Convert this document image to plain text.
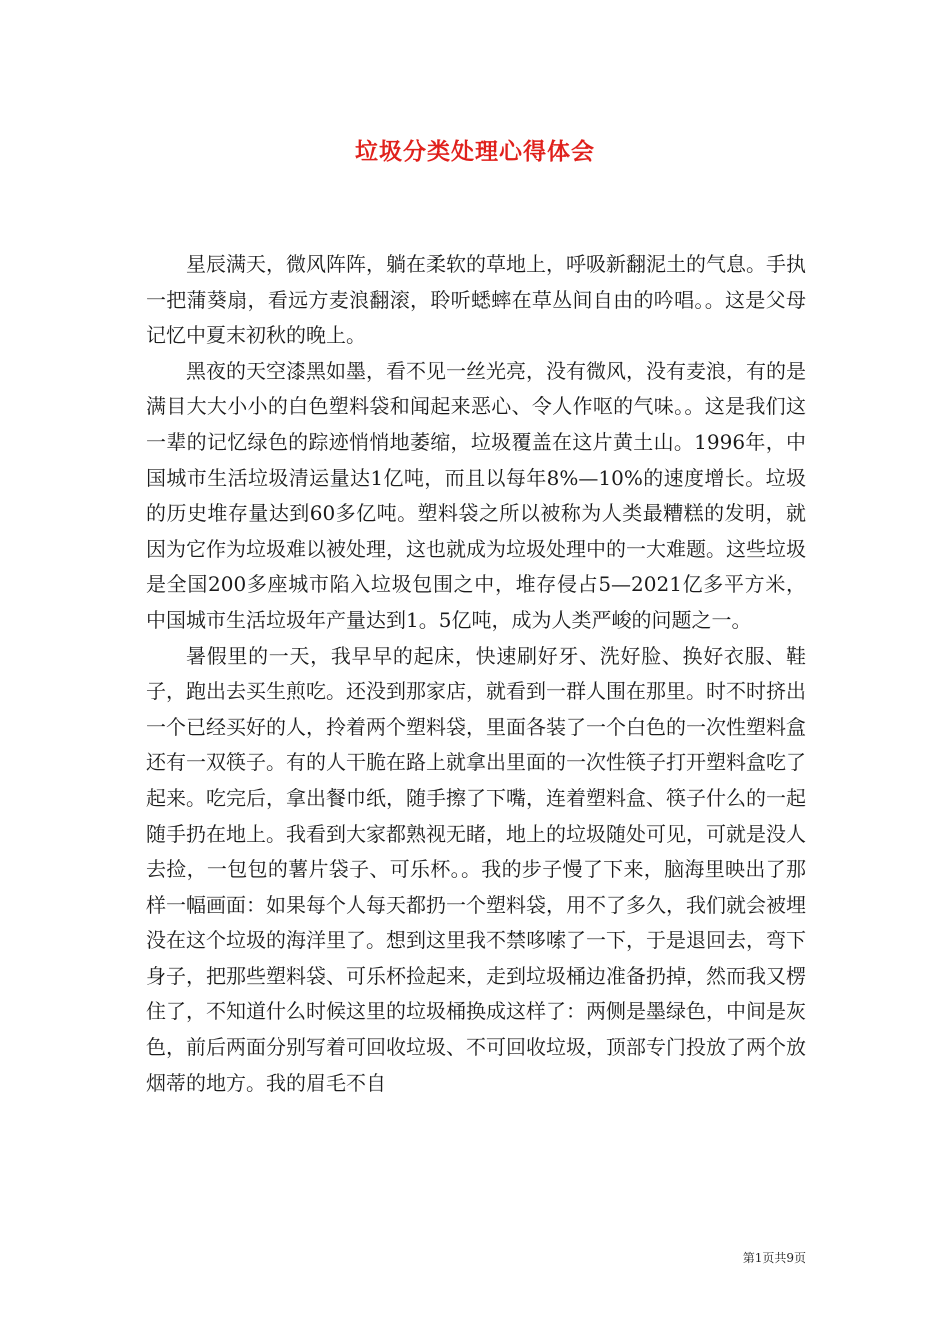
垃圾分类处理心得体会

星辰满天，微风阵阵，躺在柔软的草地上，呼吸新翻泥土的气息。手执一把蒲葵扇，看远方麦浪翻滚，聆听蟋蟀在草丛间自由的吟唱。。这是父母记忆中夏末初秋的晚上。

黑夜的天空漆黑如墨，看不见一丝光亮，没有微风，没有麦浪，有的是满目大大小小的白色塑料袋和闻起来恶心、令人作呕的气味。。这是我们这一辈的记忆绿色的踪迹悄悄地萎缩，垃圾覆盖在这片黄土山。1996年，中国城市生活垃圾清运量达1亿吨，而且以每年8%—10%的速度增长。垃圾的历史堆存量达到60多亿吨。塑料袋之所以被称为人类最糟糕的发明，就因为它作为垃圾难以被处理，这也就成为垃圾处理中的一大难题。这些垃圾是全国200多座城市陷入垃圾包围之中，堆存侵占5—2021亿多平方米，中国城市生活垃圾年产量达到1。5亿吨，成为人类严峻的问题之一。

暑假里的一天，我早早的起床，快速刷好牙、洗好脸、换好衣服、鞋子，跑出去买生煎吃。还没到那家店，就看到一群人围在那里。时不时挤出一个已经买好的人，拎着两个塑料袋，里面各装了一个白色的一次性塑料盒还有一双筷子。有的人干脆在路上就拿出里面的一次性筷子打开塑料盒吃了起来。吃完后，拿出餐巾纸，随手擦了下嘴，连着塑料盒、筷子什么的一起随手扔在地上。我看到大家都熟视无睹，地上的垃圾随处可见，可就是没人去捡，一包包的薯片袋子、可乐杯。。我的步子慢了下来，脑海里映出了那样一幅画面：如果每个人每天都扔一个塑料袋，用不了多久，我们就会被埋没在这个垃圾的海洋里了。想到这里我不禁哆嗦了一下，于是退回去，弯下身子，把那些塑料袋、可乐杯捡起来，走到垃圾桶边准备扔掉，然而我又楞住了，不知道什么时候这里的垃圾桶换成这样了：两侧是墨绿色，中间是灰色，前后两面分别写着可回收垃圾、不可回收垃圾，顶部专门投放了两个放烟蒂的地方。我的眉毛不自

第1页共9页
